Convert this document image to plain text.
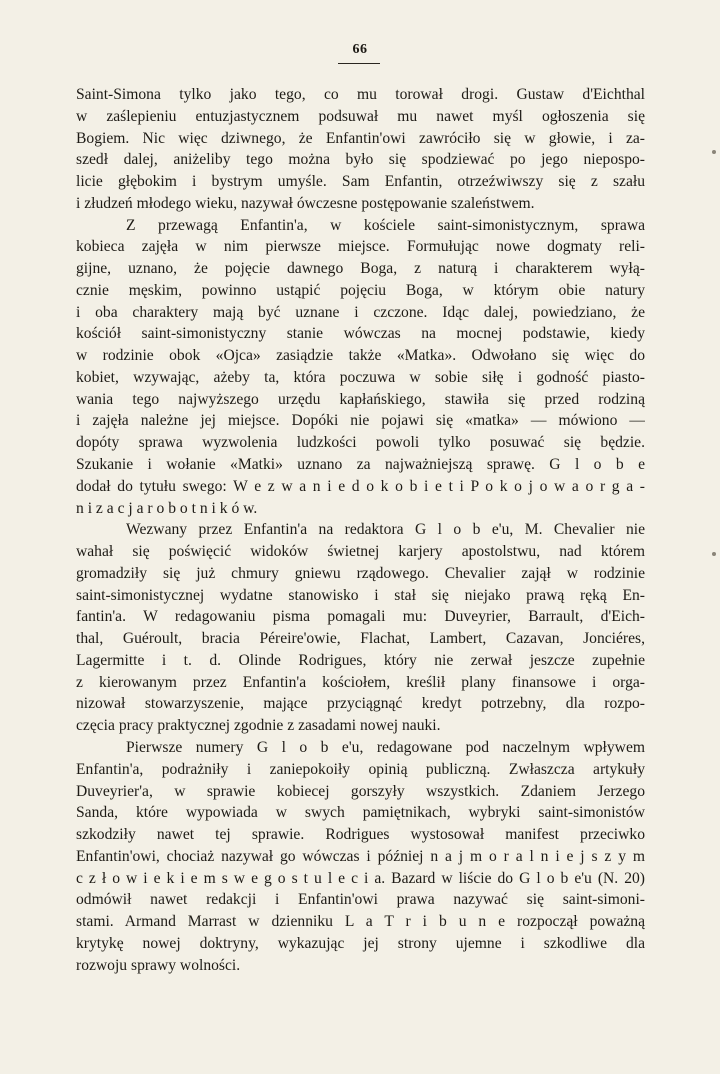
66
Saint-Simona tylko jako tego, co mu torował drogi. Gustaw d'Eichthal
w zaślepieniu entuzjastycznem podsuwał mu nawet myśl ogłoszenia się
Bogiem. Nic więc dziwnego, że Enfantin'owi zawróciło się w głowie, i za-
szedł dalej, aniżeliby tego można było się spodziewać po jego niepospo-
licie głębokim i bystrym umyśle. Sam Enfantin, otrzeźwiwszy się z szału
i złudzeń młodego wieku, nazywał ówczesne postępowanie szaleństwem.
Z przewagą Enfantin'a, w kościele saint-simonistycznym, sprawa
kobieca zajęła w nim pierwsze miejsce. Formułując nowe dogmaty reli-
gijne, uznano, że pojęcie dawnego Boga, z naturą i charakterem wyłą-
cznie męskim, powinno ustąpić pojęciu Boga, w którym obie natury
i oba charaktery mają być uznane i czczone. Idąc dalej, powiedziano, że
kościół saint-simonistyczny stanie wówczas na mocnej podstawie, kiedy
w rodzinie obok «Ojca» zasiądzie także «Matka». Odwołano się więc do
kobiet, wzywając, ażeby ta, która poczuwa w sobie siłę i godność piasto-
wania tego najwyższego urzędu kapłańskiego, stawiła się przed rodziną
i zajęła należne jej miejsce. Dopóki nie pojawi się «matka» — mówiono —
dopóty sprawa wyzwolenia ludzkości powoli tylko posuwać się będzie.
Szukanie i wołanie «Matki» uznano za najważniejszą sprawę. G l o b e
dodał do tytułu swego: W e z w a n i e d o k o b i e t i P o k o j o w a o r g a -
n i z a c j a r o b o t n i k ó w.
Wezwany przez Enfantin'a na redaktora G l o b e'u, M. Chevalier nie
wahał się poświęcić widoków świetnej karjery apostolstwu, nad którem
gromadziły się już chmury gniewu rządowego. Chevalier zajął w rodzinie
saint-simonistycznej wydatne stanowisko i stał się niejako prawą ręką En-
fantin'a. W redagowaniu pisma pomagali mu: Duveyrier, Barrault, d'Eich-
thal, Guéroult, bracia Péreire'owie, Flachat, Lambert, Cazavan, Jonciéres,
Lagermitte i t. d. Olinde Rodrigues, który nie zerwał jeszcze zupełnie
z kierowanym przez Enfantin'a kościołem, kreślił plany finansowe i orga-
nizował stowarzyszenie, mające przyciągnąć kredyt potrzebny, dla rozpo-
częcia pracy praktycznej zgodnie z zasadami nowej nauki.
Pierwsze numery G l o b e'u, redagowane pod naczelnym wpływem
Enfantin'a, podrażniły i zaniepokoiły opinią publiczną. Zwłaszcza artykuły
Duveyrier'a, w sprawie kobiecej gorszyły wszystkich. Zdaniem Jerzego
Sanda, które wypowiada w swych pamiętnikach, wybryki saint-simonistów
szkodziły nawet tej sprawie. Rodrigues wystosował manifest przeciwko
Enfantin'owi, chociaż nazywał go wówczas i później n a j m o r a l n i e j s z y m
c z ł o w i e k i e m s w e g o s t u l e c i a. Bazard w liście do G l o b e'u (N. 20)
odmówił nawet redakcji i Enfantin'owi prawa nazywać się saint-simoni-
stami. Armand Marrast w dzienniku L a T r i b u n e rozpoczął poważną
krytykę nowej doktryny, wykazując jej strony ujemne i szkodliwe dla
rozwoju sprawy wolności.
